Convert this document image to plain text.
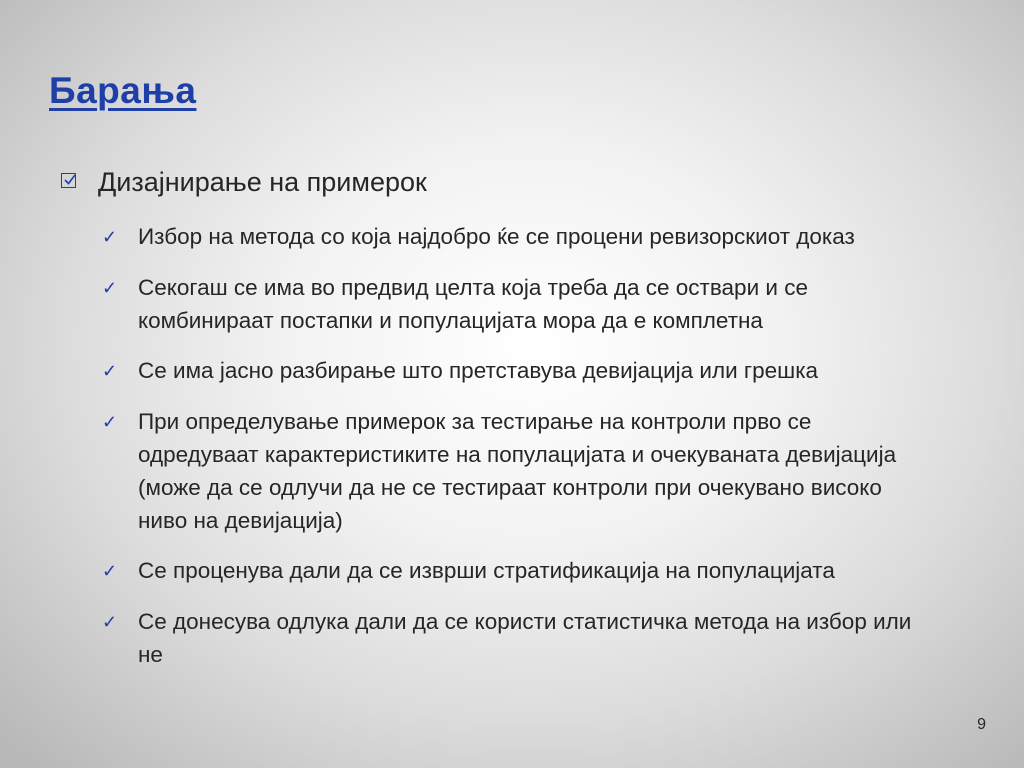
Барања
Дизајнирање на примерок
✓ Избор на метода со која најдобро ќе се процени ревизорскиот доказ
✓ Секогаш се има во предвид целта која треба да се оствари и се комбинираат постапки и популацијата мора да е комплетна
✓ Се има јасно разбирање што претставува девијација или грешка
✓ При определување примерок за тестирање на контроли прво се одредуваат карактеристиките на популацијата и очекуваната девијација (може да се одлучи да не се тестираат контроли при очекувано високо ниво на девијација)
✓ Се проценува дали да се изврши стратификација на популацијата
✓ Се донесува одлука дали да се користи статистичка метода на избор или не
9
